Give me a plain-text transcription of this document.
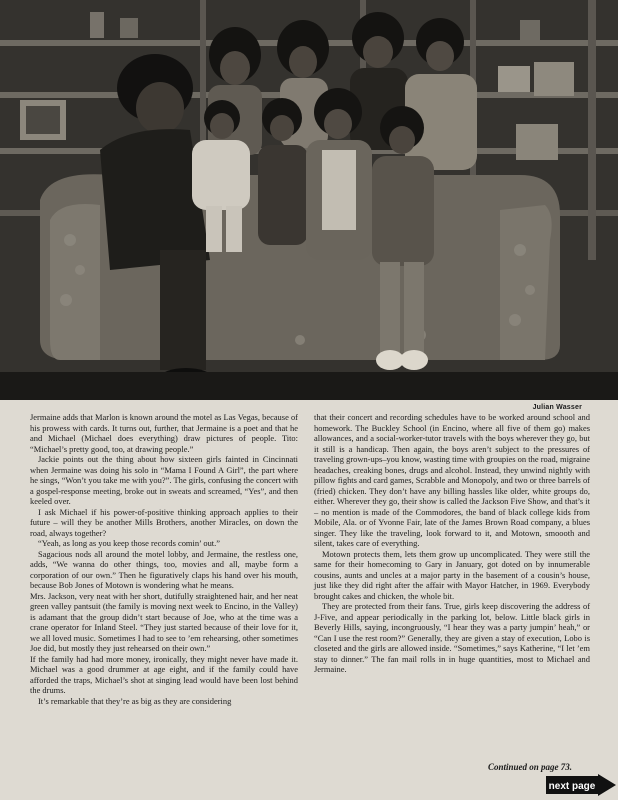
Julian Wasser

Jermaine adds that Marlon is known around the motel as Las Vegas, because of his prowess with cards. It turns out, further, that Jermaine is a poet and that he and Michael (Michael does everything) draw pictures of people. Tito: “Michael’s pretty good, too, at drawing people.”

Jackie points out the thing about how sixteen girls fainted in Cincinnati when Jermaine was doing his solo in “Mama I Found A Girl”, the part where he sings, “Won’t you take me with you?”. The girls, confusing the concert with a gospel-response meeting, broke out in sweats and screamed, “Yes”, and then keeled over.

I ask Michael if his power-of-positive thinking approach applies to their future – will they be another Mills Brothers, another Miracles, on down the road, always together?

“Yeah, as long as you keep those records comin’ out.”

Sagacious nods all around the motel lobby, and Jermaine, the restless one, adds, “We wanna do other things, too, movies and all, maybe form a corporation of our own.” Then he figuratively claps his hand over his mouth, because Bob Jones of Motown is wondering what he means.

Mrs. Jackson, very neat with her short, dutifully straightened hair, and her neat green valley pantsuit (the family is moving next week to Encino, in the Valley) is adamant that the group didn’t start because of Joe, who at the time was a crane operator for Inland Steel. “They just started because of their love for it, we all loved music. Sometimes I had to see to ’em rehearsing, other sometimes Joe did, but mostly they just rehearsed on their own.”

If the family had had more money, ironically, they might never have made it. Michael was a good drummer at age eight, and if the family could have afforded the traps, Michael’s shot at singing lead would have been lost behind the drums.

It’s remarkable that they’re as big as they are considering

that their concert and recording schedules have to be worked around school and homework. The Buckley School (in Encino, where all five of them go) makes allowances, and a social-worker-tutor travels with the boys wherever they go, but it still is a handicap. Then again, the boys aren’t subject to the pressures of traveling grown-ups–you know, wasting time with groupies on the road, migraine headaches, creaking bones, drugs and alcohol. Instead, they unwind nightly with pillow fights and card games, Scrabble and Monopoly, and two or three barrels of (fried) chicken. They don’t have any billing hassles like older, white groups do, either. Wherever they go, their show is called the Jackson Five Show, and that’s it – no mention is made of the Commodores, the band of black college kids from Mobile, Ala. or of Yvonne Fair, late of the James Brown Road company, a blues singer. They like the traveling, look forward to it, and Motown, smoooth and silent, takes care of everything.

Motown protects them, lets them grow up uncomplicated. They were still the same for their homecoming to Gary in January, got doted on by innumerable cousins, aunts and uncles at a major party in the basement of a cousin’s house, just like they did right after the affair with Mayor Hatcher, in 1969. Everybody brought cakes and chicken, the whole bit.

They are protected from their fans. True, girls keep discovering the address of J-Five, and appear periodically in the parking lot, below. Little black girls in Beverly Hills, saying, incongruously, “I hear they was a party jumpin’ heah,” or “Can I use the rest room?” Generally, they are given a stay of execution, Lobo is closeted and the girls are allowed inside. “Sometimes,” says Katherine, “I let ’em stay to dinner.” The fan mail rolls in in huge quantities, most to Michael and Jermaine.

Continued on page 73.
next page
